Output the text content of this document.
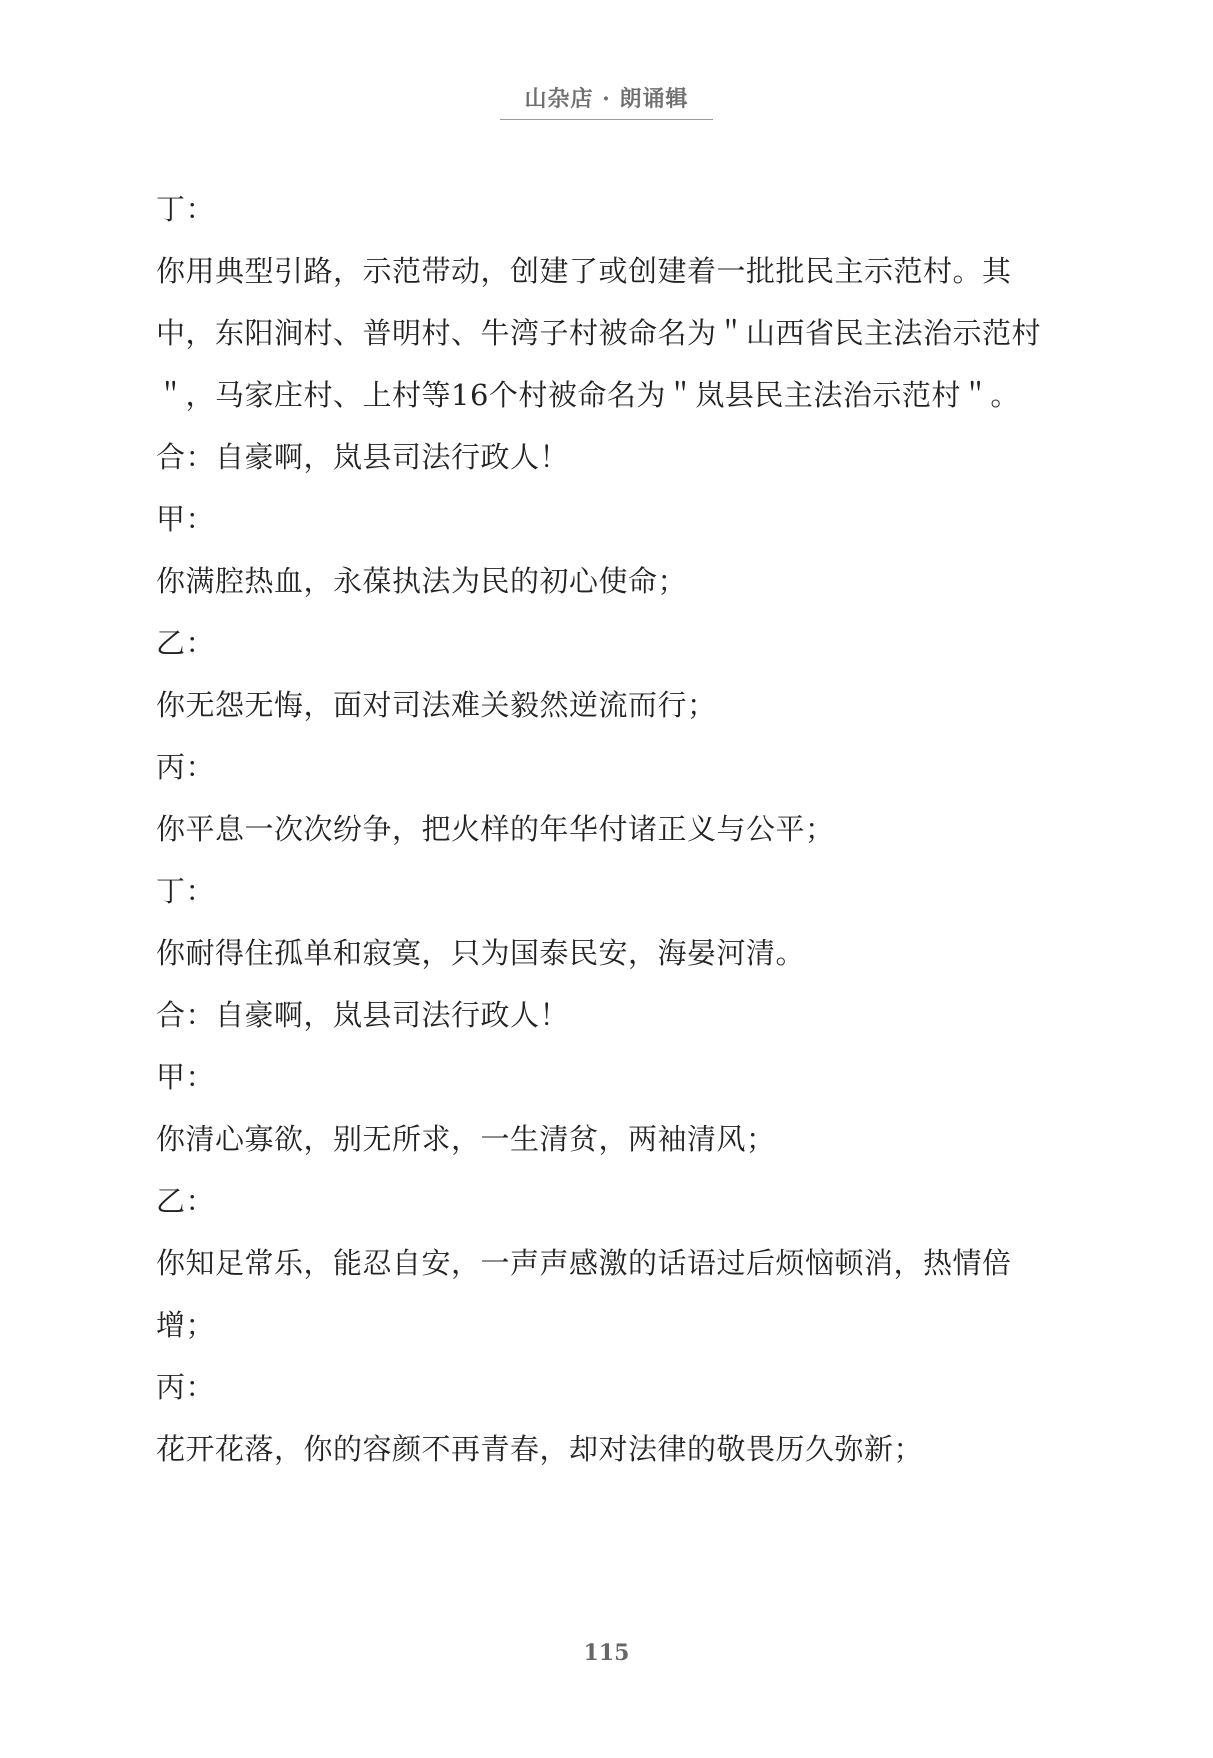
山杂店 · 朗诵辑

丁：

你用典型引路，示范带动，创建了或创建着一批批民主示范村。其中，东阳涧村、普明村、牛湾子村被命名为＂山西省民主法治示范村＂，马家庄村、上村等16个村被命名为＂岚县民主法治示范村＂。

合：自豪啊，岚县司法行政人！

甲：

你满腔热血，永葆执法为民的初心使命；

乙：

你无怨无悔，面对司法难关毅然逆流而行；

丙：

你平息一次次纷争，把火样的年华付诸正义与公平；

丁：

你耐得住孤单和寂寞，只为国泰民安，海晏河清。

合：自豪啊，岚县司法行政人！

甲：

你清心寡欲，别无所求，一生清贫，两袖清风；

乙：

你知足常乐，能忍自安，一声声感激的话语过后烦恼顿消，热情倍增；

丙：

花开花落，你的容颜不再青春，却对法律的敬畏历久弥新；

115
